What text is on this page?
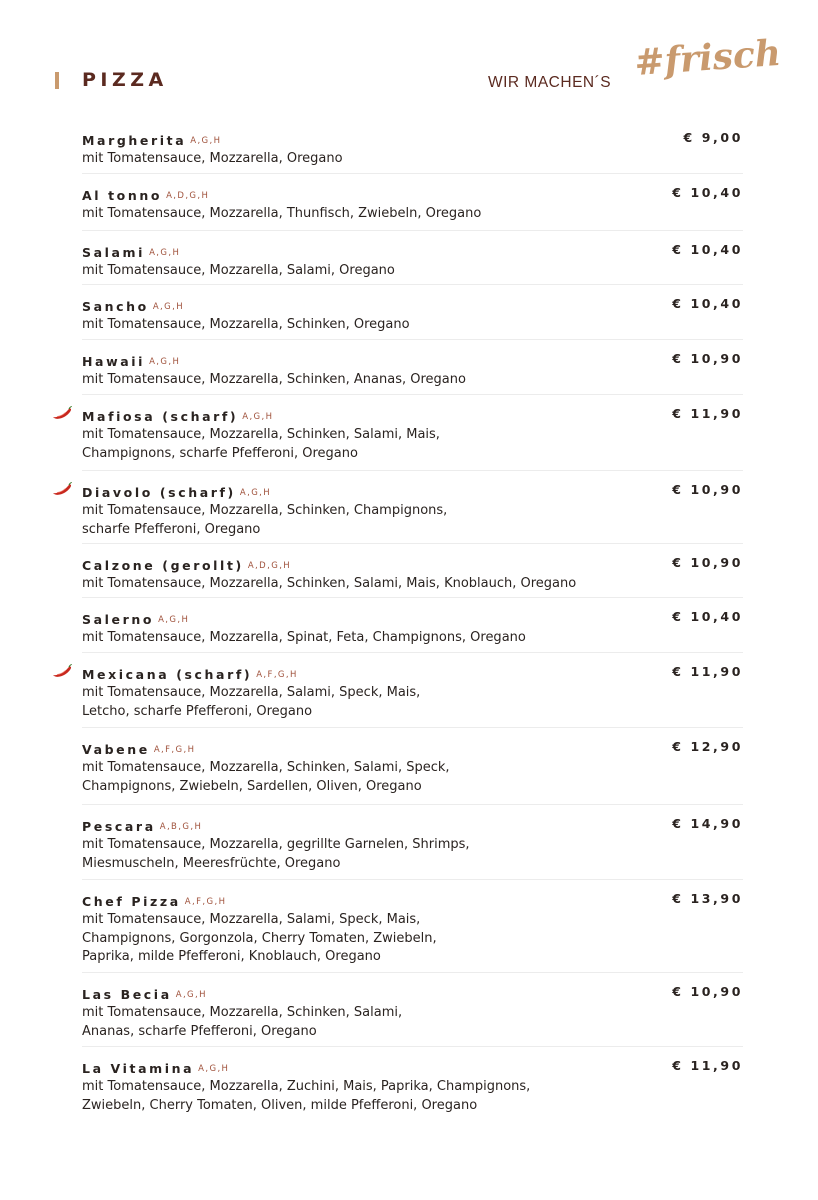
PIZZA	WIR MACHEN´S #frisch
Margherita A,G,H	€ 9,00
mit Tomatensauce, Mozzarella, Oregano
Al tonno A,D,G,H	€ 10,40
mit Tomatensauce, Mozzarella, Thunfisch, Zwiebeln, Oregano
Salami A,G,H	€ 10,40
mit Tomatensauce, Mozzarella, Salami, Oregano
Sancho A,G,H	€ 10,40
mit Tomatensauce, Mozzarella, Schinken, Oregano
Hawaii A,G,H	€ 10,90
mit Tomatensauce, Mozzarella, Schinken, Ananas, Oregano
Mafiosa (scharf) A,G,H	€ 11,90
mit Tomatensauce, Mozzarella, Schinken, Salami, Mais,
Champignons, scharfe Pfefferoni, Oregano
Diavolo (scharf) A,G,H	€ 10,90
mit Tomatensauce, Mozzarella, Schinken, Champignons,
scharfe Pfefferoni, Oregano
Calzone (gerollt) A,D,G,H	€ 10,90
mit Tomatensauce, Mozzarella, Schinken, Salami, Mais, Knoblauch, Oregano
Salerno A,G,H	€ 10,40
mit Tomatensauce, Mozzarella, Spinat, Feta, Champignons, Oregano
Mexicana (scharf) A,F,G,H	€ 11,90
mit Tomatensauce, Mozzarella, Salami, Speck, Mais,
Letcho, scharfe Pfefferoni, Oregano
Vabene A,F,G,H	€ 12,90
mit Tomatensauce, Mozzarella, Schinken, Salami, Speck,
Champignons, Zwiebeln, Sardellen, Oliven, Oregano
Pescara A,B,G,H	€ 14,90
mit Tomatensauce, Mozzarella, gegrillte Garnelen, Shrimps,
Miesmuscheln, Meeresfrüchte, Oregano
Chef Pizza A,F,G,H	€ 13,90
mit Tomatensauce, Mozzarella, Salami, Speck, Mais,
Champignons, Gorgonzola, Cherry Tomaten, Zwiebeln,
Paprika, milde Pfefferoni, Knoblauch, Oregano
Las Becia A,G,H	€ 10,90
mit Tomatensauce, Mozzarella, Schinken, Salami,
Ananas, scharfe Pfefferoni, Oregano
La Vitamina A,G,H	€ 11,90
mit Tomatensauce, Mozzarella, Zuchini, Mais, Paprika, Champignons,
Zwiebeln, Cherry Tomaten, Oliven, milde Pfefferoni, Oregano
